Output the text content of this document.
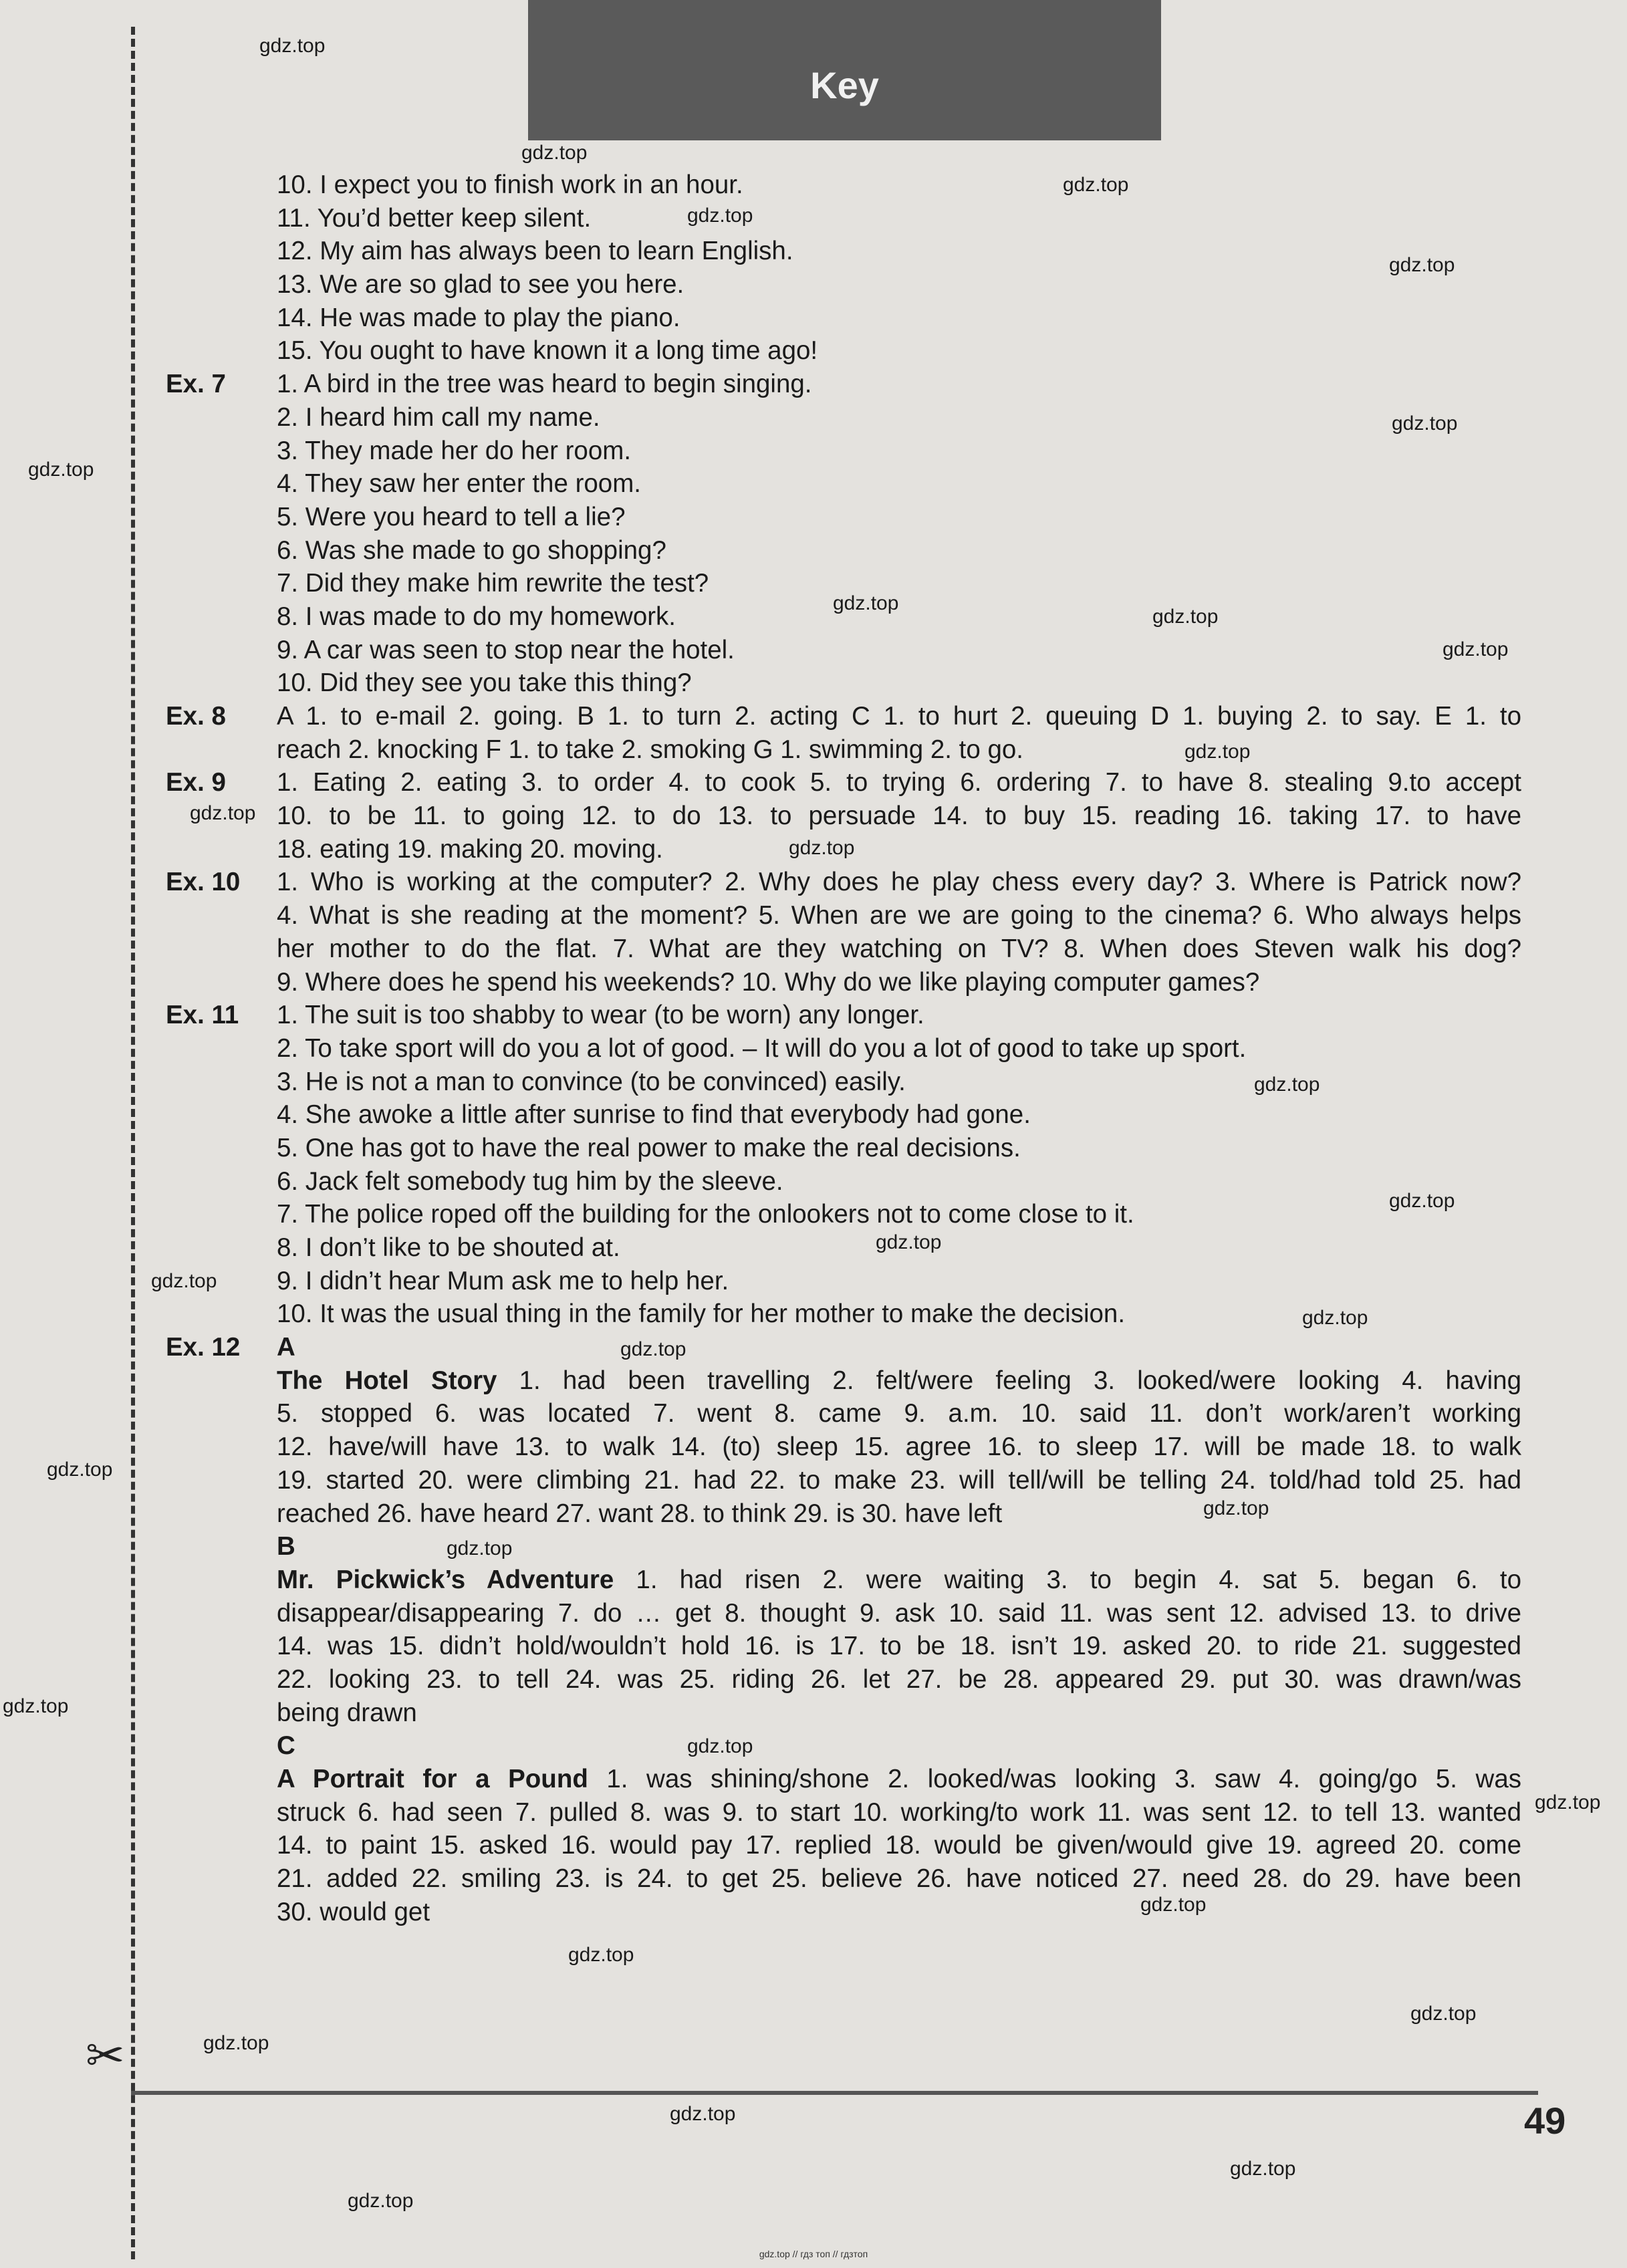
✂
Key
10. I expect you to finish work in an hour.
11. You’d better keep silent.
12. My aim has always been to learn English.
13. We are so glad to see you here.
14. He was made to play the piano.
15. You ought to have known it a long time ago!
Ex. 7 1. A bird in the tree was heard to begin singing.
2. I heard him call my name.
3. They made her do her room.
4. They saw her enter the room.
5. Were you heard to tell a lie?
6. Was she made to go shopping?
7. Did they make him rewrite the test?
8. I was made to do my homework.
9. A car was seen to stop near the hotel.
10. Did they see you take this thing?
Ex. 8 A 1. to e-mail 2. going. B 1. to turn 2. acting C 1. to hurt 2. queuing D 1. buying 2. to say. E 1. to
reach 2. knocking F 1. to take 2. smoking G 1. swimming 2. to go.
Ex. 9 1. Eating 2. eating 3. to order 4. to cook 5. to trying 6. ordering 7. to have 8. stealing 9.to accept
10. to be 11. to going 12. to do 13. to persuade 14. to buy 15. reading 16. taking 17. to have
18. eating 19. making 20. moving.
Ex. 10 1. Who is working at the computer? 2. Why does he play chess every day? 3. Where is Patrick now?
4. What is she reading at the moment? 5. When are we are going to the cinema? 6. Who always helps
her mother to do the flat. 7. What are they watching on TV? 8. When does Steven walk his dog?
9. Where does he spend his weekends? 10. Why do we like playing computer games?
Ex. 11 1. The suit is too shabby to wear (to be worn) any longer.
2. To take sport will do you a lot of good. – It will do you a lot of good to take up sport.
3. He is not a man to convince (to be convinced) easily.
4. She awoke a little after sunrise to find that everybody had gone.
5. One has got to have the real power to make the real decisions.
6. Jack felt somebody tug him by the sleeve.
7. The police roped off the building for the onlookers not to come close to it.
8. I don’t like to be shouted at.
9. I didn’t hear Mum ask me to help her.
10. It was the usual thing in the family for her mother to make the decision.
Ex. 12 A
The Hotel Story 1. had been travelling 2. felt/were feeling 3. looked/were looking 4. having
5. stopped 6. was located 7. went 8. came 9. a.m. 10. said 11. don’t work/aren’t working
12. have/will have 13. to walk 14. (to) sleep 15. agree 16. to sleep 17. will be made 18. to walk
19. started 20. were climbing 21. had 22. to make 23. will tell/will be telling 24. told/had told 25. had
reached 26. have heard 27. want 28. to think 29. is 30. have left
B
Mr. Pickwick’s Adventure 1. had risen 2. were waiting 3. to begin 4. sat 5. began 6. to
disappear/disappearing 7. do … get 8. thought 9. ask 10. said 11. was sent 12. advised 13. to drive
14. was 15. didn’t hold/wouldn’t hold 16. is 17. to be 18. isn’t 19. asked 20. to ride 21. suggested
22. looking 23. to tell 24. was 25. riding 26. let 27. be 28. appeared 29. put 30. was drawn/was
being drawn
C
A Portrait for a Pound 1. was shining/shone 2. looked/was looking 3. saw 4. going/go 5. was
struck 6. had seen 7. pulled 8. was 9. to start 10. working/to work 11. was sent 12. to tell 13. wanted
14. to paint 15. asked 16. would pay 17. replied 18. would be given/would give 19. agreed 20. come
21. added 22. smiling 23. is 24. to get 25. believe 26. have noticed 27. need 28. do 29. have been
30. would get
gdz.top
gdz.top
gdz.top
gdz.top
gdz.top
gdz.top
gdz.top
gdz.top
gdz.top
gdz.top
gdz.top
gdz.top
gdz.top
gdz.top
gdz.top
gdz.top
gdz.top
gdz.top
gdz.top
gdz.top
gdz.top
gdz.top
gdz.top
gdz.top
gdz.top
gdz.top
gdz.top
gdz.top
gdz.top
gdz.top
gdz.top
gdz.top
49
gdz.top // гдз топ // гдзтоп
